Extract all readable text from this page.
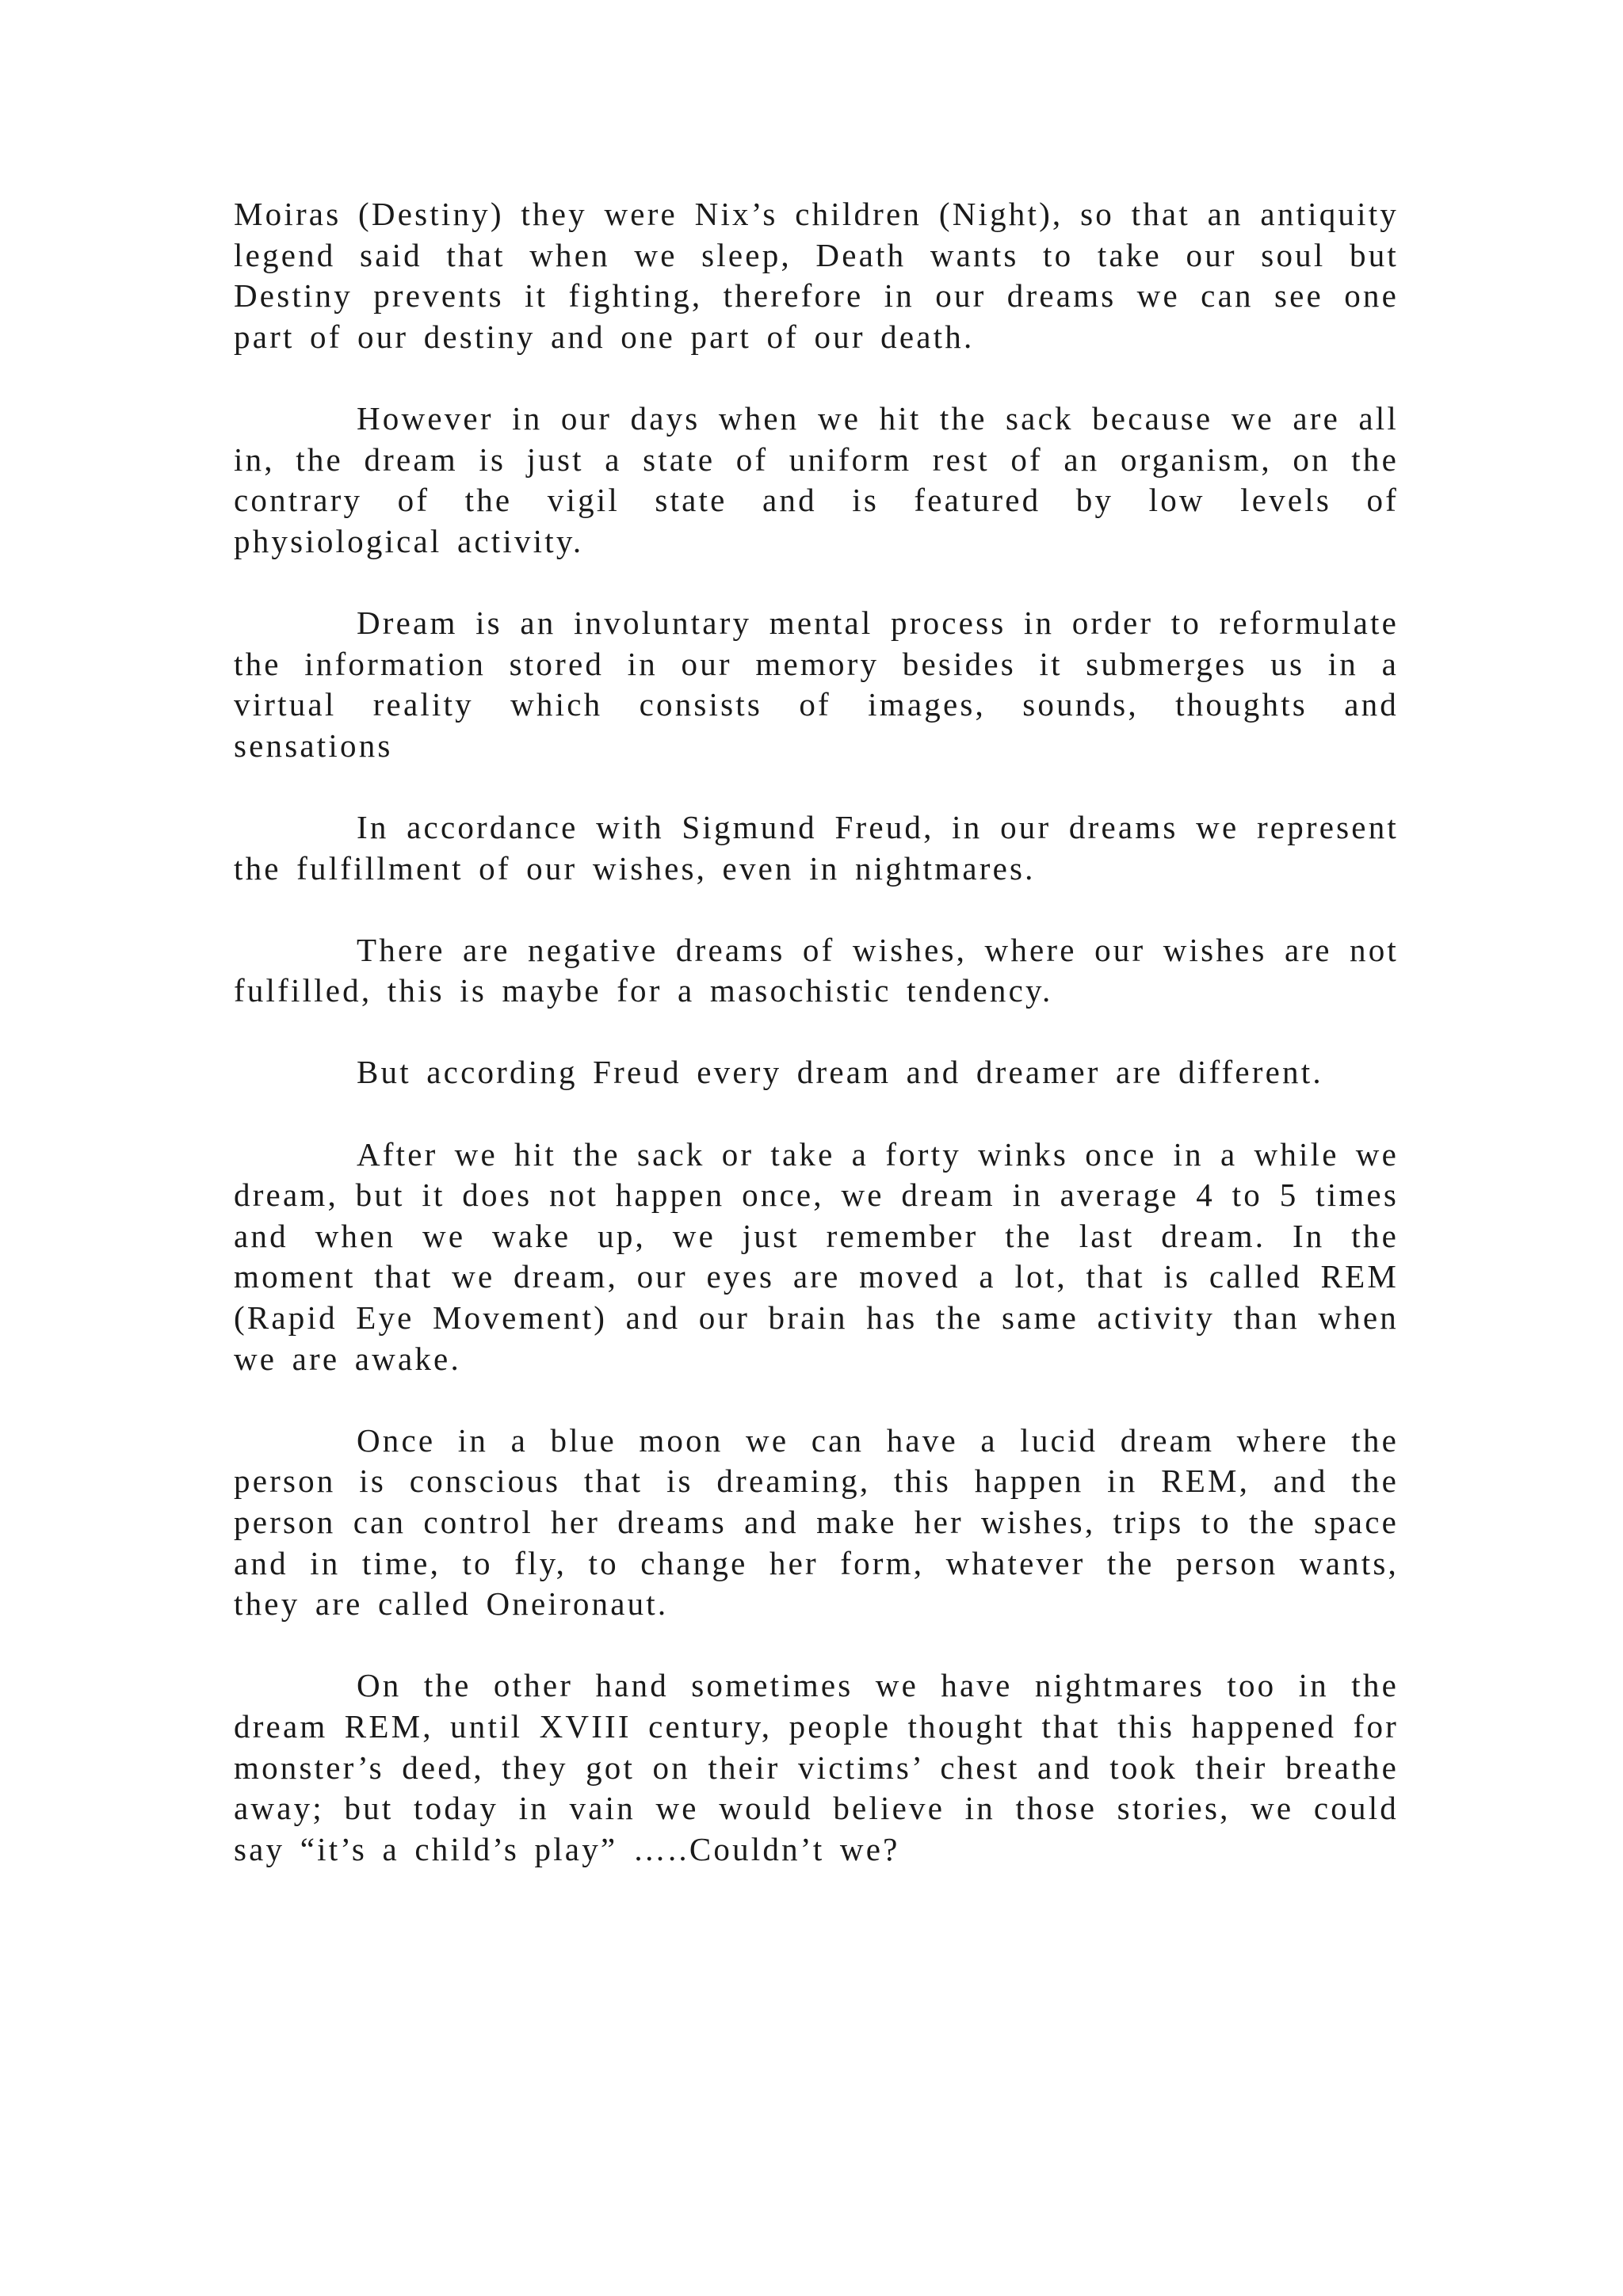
Moiras (Destiny) they were Nix’s children (Night), so that an antiquity legend said that when we sleep, Death wants to take our soul but Destiny prevents it fighting, therefore in our dreams we can see one part of our destiny and one part of our death.

However in our days when we hit the sack because we are all in, the dream is just a state of uniform rest of an organism, on the contrary of the vigil state and is featured by low levels of physiological activity.

Dream is an involuntary mental process in order to reformulate the information stored in our memory besides it submerges us in a virtual reality which consists of images, sounds, thoughts and sensations

In accordance with Sigmund Freud, in our dreams we represent the fulfillment of our wishes, even in nightmares.

There are negative dreams of wishes, where our wishes are not fulfilled, this is maybe for a masochistic tendency.

But according Freud every dream and dreamer are different.

After we hit the sack or take a forty winks once in a while we dream, but it does not happen once, we dream in average 4 to 5 times and when we wake up, we just remember the last dream. In the moment that we dream, our eyes are moved a lot, that is called REM (Rapid Eye Movement) and our brain has the same activity than when we are awake.

Once in a blue moon we can have a lucid dream where the person is conscious that is dreaming, this happen in REM, and the person can control her dreams and make her wishes, trips to the space and in time, to fly, to change her form, whatever the person wants, they are called Oneironaut.

On the other hand sometimes we have nightmares too in the dream REM, until XVIII century, people thought that this happened for monster’s deed, they got on their victims’ chest and took their breathe away; but today in vain we would believe in those stories, we could say “it’s a child’s play” …..Couldn’t we?
